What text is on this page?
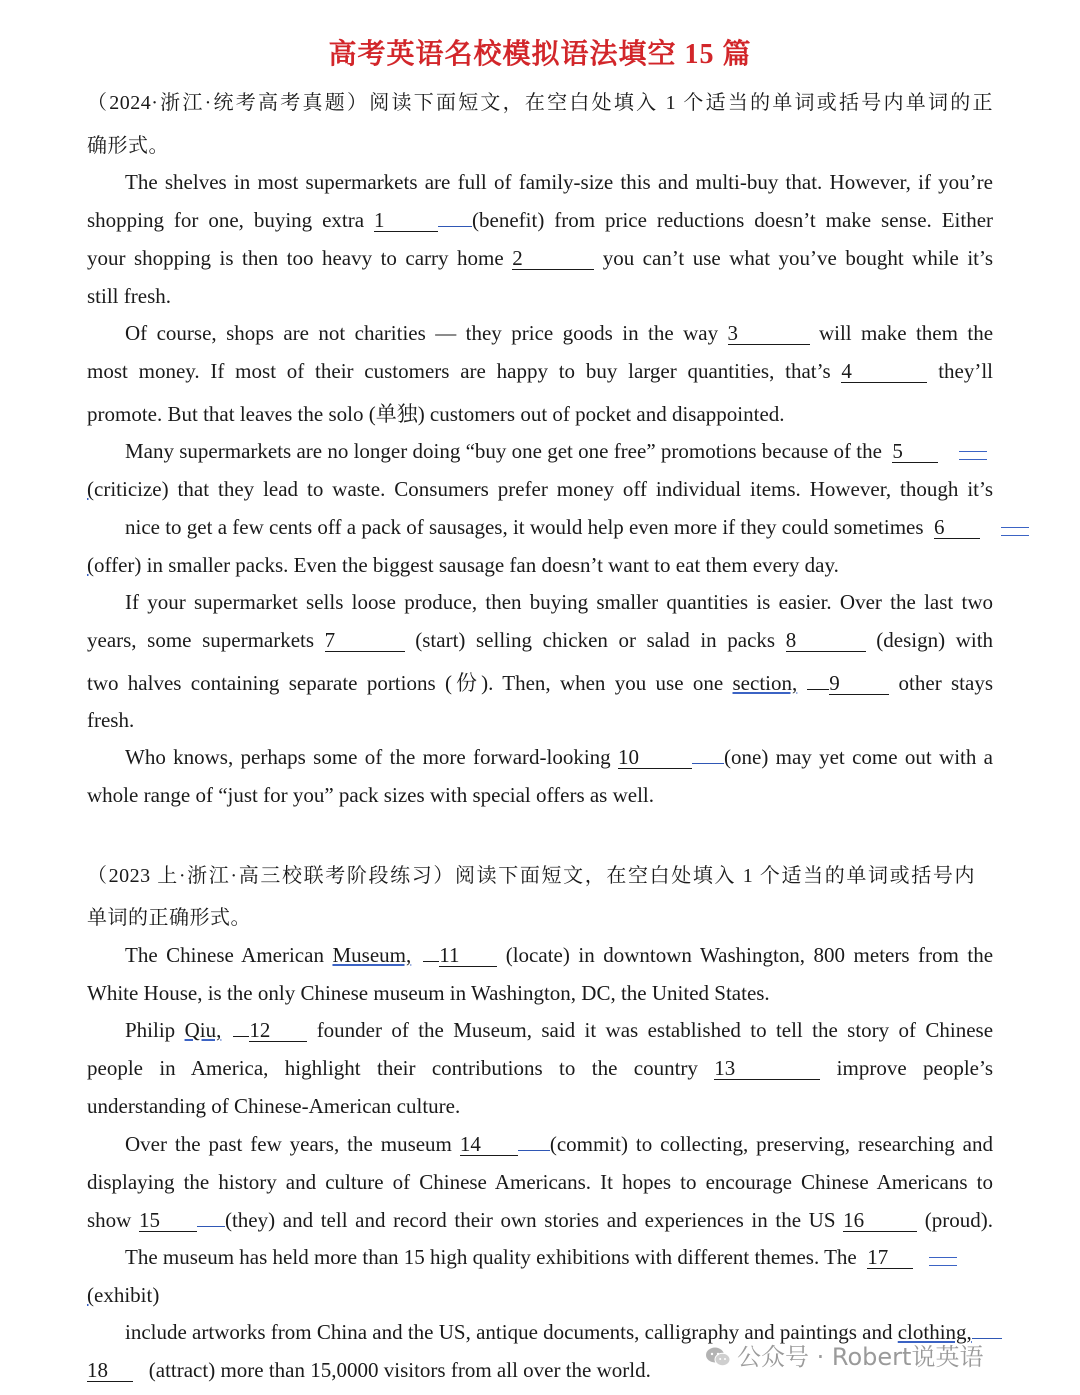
高考英语名校模拟语法填空 15 篇
（2024·浙江·统考高考真题）阅读下面短文，在空白处填入 1 个适当的单词或括号内单词的正
确形式。
The shelves in most supermarkets are full of family-size this and multi-buy that. However, if you’re
shopping for one, buying extra 1	(benefit) from price reductions doesn’t make sense. Either
your shopping is then too heavy to carry home 2	you can’t use what you’ve bought while it’s
still fresh.
Of course, shops are not charities — they price goods in the way 3	will make them the
most money. If most of their customers are happy to buy larger quantities, that’s 4	they’ll
promote. But that leaves the solo (单独) customers out of pocket and disappointed.
Many supermarkets are no longer doing “buy one get one free” promotions because of the 5
(criticize) that they lead to waste. Consumers prefer money off individual items. However, though it’s
nice to get a few cents off a pack of sausages, it would help even more if they could sometimes 6
(offer) in smaller packs. Even the biggest sausage fan doesn’t want to eat them every day.
If your supermarket sells loose produce, then buying smaller quantities is easier. Over the last two
years, some supermarkets 7	(start) selling chicken or salad in packs 8	(design) with
two halves containing separate portions (份). Then, when you use one section, 9	other stays
fresh.
Who knows, perhaps some of the more forward-looking 10	(one) may yet come out with a
whole range of “just for you” pack sizes with special offers as well.
（2023 上·浙江·高三校联考阶段练习）阅读下面短文，在空白处填入 1 个适当的单词或括号内
单词的正确形式。
The Chinese American Museum, 11 (locate) in downtown Washington, 800 meters from the
White House, is the only Chinese museum in Washington, DC, the United States.
Philip Qiu, 12 founder of the Museum, said it was established to tell the story of Chinese
people in America, highlight their contributions to the country 13	improve people’s
understanding of Chinese-American culture.
Over the past few years, the museum 14	(commit) to collecting, preserving, researching and
displaying the history and culture of Chinese Americans. It hopes to encourage Chinese Americans to
show 15	(they) and tell and record their own stories and experiences in the US 16	(proud).
The museum has held more than 15 high quality exhibitions with different themes. The 17
(exhibit)
include artworks from China and the US, antique documents, calligraphy and paintings and clothing,
18 (attract) more than 15,0000 visitors from all over the world.	公众号 · Robert说英语
